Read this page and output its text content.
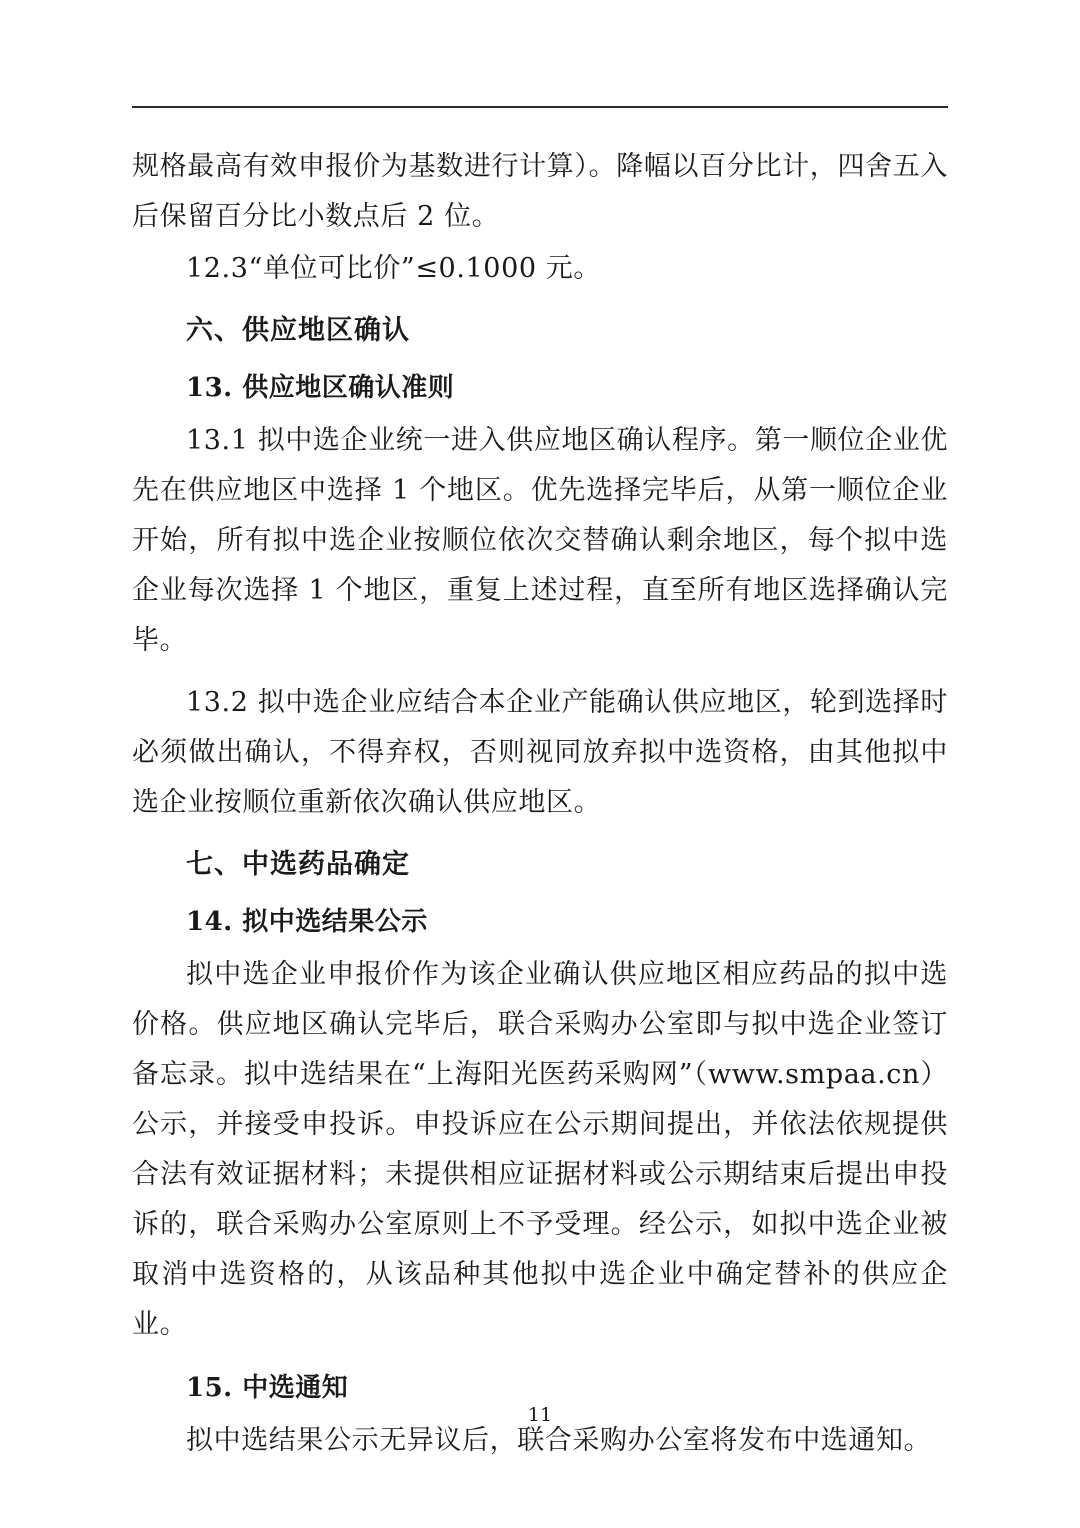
规格最高有效申报价为基数进行计算）。降幅以百分比计，四舍五入后保留百分比小数点后 2 位。

12.3“单位可比价”≤0.1000 元。

六、供应地区确认
13. 供应地区确认准则

13.1 拟中选企业统一进入供应地区确认程序。第一顺位企业优先在供应地区中选择 1 个地区。优先选择完毕后，从第一顺位企业开始，所有拟中选企业按顺位依次交替确认剩余地区，每个拟中选企业每次选择 1 个地区，重复上述过程，直至所有地区选择确认完毕。

13.2 拟中选企业应结合本企业产能确认供应地区，轮到选择时必须做出确认，不得弃权，否则视同放弃拟中选资格，由其他拟中选企业按顺位重新依次确认供应地区。

七、中选药品确定
14. 拟中选结果公示

拟中选企业申报价作为该企业确认供应地区相应药品的拟中选价格。供应地区确认完毕后，联合采购办公室即与拟中选企业签订备忘录。拟中选结果在“上海阳光医药采购网”（www.smpaa.cn）公示，并接受申投诉。申投诉应在公示期间提出，并依法依规提供合法有效证据材料；未提供相应证据材料或公示期结束后提出申投诉的，联合采购办公室原则上不予受理。经公示，如拟中选企业被取消中选资格的，从该品种其他拟中选企业中确定替补的供应企业。

15. 中选通知

拟中选结果公示无异议后，联合采购办公室将发布中选通知。

11
